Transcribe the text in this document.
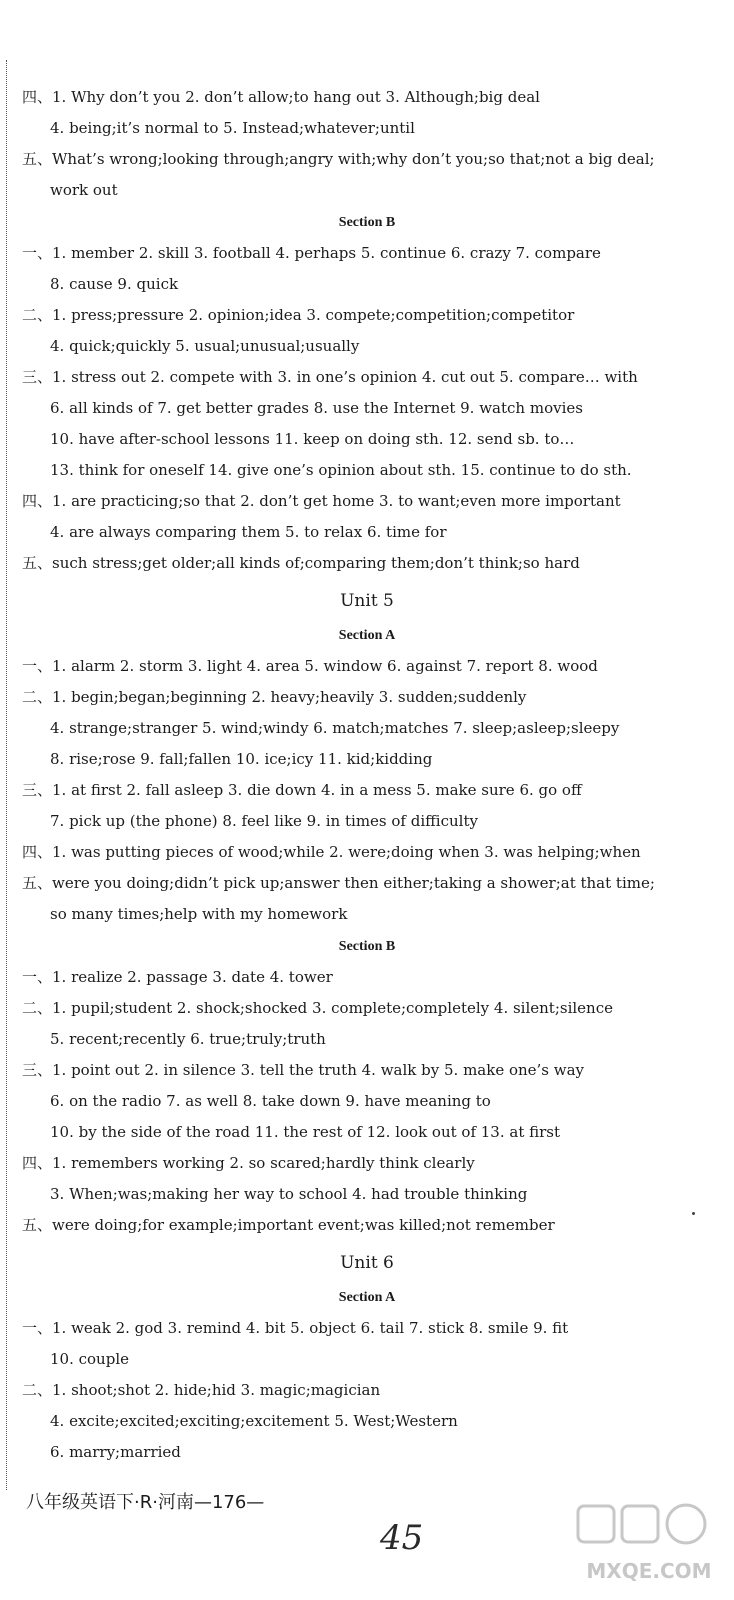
四、1. Why don’t you 2. don’t allow;to hang out 3. Although;big deal
4. being;it’s normal to 5. Instead;whatever;until
五、What’s wrong;looking through;angry with;why don’t you;so that;not a big deal;
work out
Section B
一、1. member 2. skill 3. football 4. perhaps 5. continue 6. crazy 7. compare
8. cause 9. quick
二、1. press;pressure 2. opinion;idea 3. compete;competition;competitor
4. quick;quickly 5. usual;unusual;usually
三、1. stress out 2. compete with 3. in one’s opinion 4. cut out 5. compare… with
6. all kinds of 7. get better grades 8. use the Internet 9. watch movies
10. have after-school lessons 11. keep on doing sth. 12. send sb. to…
13. think for oneself 14. give one’s opinion about sth. 15. continue to do sth.
四、1. are practicing;so that 2. don’t get home 3. to want;even more important
4. are always comparing them 5. to relax 6. time for
五、such stress;get older;all kinds of;comparing them;don’t think;so hard
Unit 5
Section A
一、1. alarm 2. storm 3. light 4. area 5. window 6. against 7. report 8. wood
二、1. begin;began;beginning 2. heavy;heavily 3. sudden;suddenly
4. strange;stranger 5. wind;windy 6. match;matches 7. sleep;asleep;sleepy
8. rise;rose 9. fall;fallen 10. ice;icy 11. kid;kidding
三、1. at first 2. fall asleep 3. die down 4. in a mess 5. make sure 6. go off
7. pick up (the phone) 8. feel like 9. in times of difficulty
四、1. was putting pieces of wood;while 2. were;doing when 3. was helping;when
五、were you doing;didn’t pick up;answer then either;taking a shower;at that time;
so many times;help with my homework
Section B
一、1. realize 2. passage 3. date 4. tower
二、1. pupil;student 2. shock;shocked 3. complete;completely 4. silent;silence
5. recent;recently 6. true;truly;truth
三、1. point out 2. in silence 3. tell the truth 4. walk by 5. make one’s way
6. on the radio 7. as well 8. take down 9. have meaning to
10. by the side of the road 11. the rest of 12. look out of 13. at first
四、1. remembers working 2. so scared;hardly think clearly
3. When;was;making her way to school 4. had trouble thinking
五、were doing;for example;important event;was killed;not remember
Unit 6
Section A
一、1. weak 2. god 3. remind 4. bit 5. object 6. tail 7. stick 8. smile 9. fit
10. couple
二、1. shoot;shot 2. hide;hid 3. magic;magician
4. excite;excited;exciting;excitement 5. West;Western
6. marry;married
八年级英语下·R·河南—176—
45
MXQE.COM
